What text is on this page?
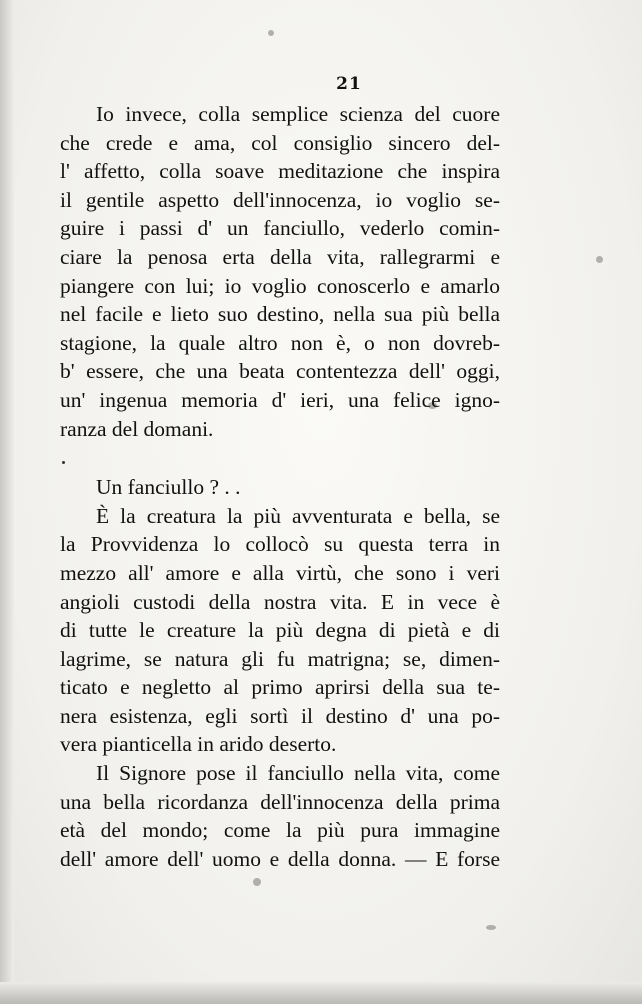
21
Io invece, colla semplice scienza del cuore
che crede e ama, col consiglio sincero del-
l' affetto, colla soave meditazione che inspira
il gentile aspetto dell'innocenza, io voglio se-
guire i passi d' un fanciullo, vederlo comin-
ciare la penosa erta della vita, rallegrarmi e
piangere con lui; io voglio conoscerlo e amarlo
nel facile e lieto suo destino, nella sua più bella
stagione, la quale altro non è, o non dovreb-
b' essere, che una beata contentezza dell' oggi,
un' ingenua memoria d' ieri, una felice igno-
ranza del domani.
Un fanciullo ? . .
È la creatura la più avventurata e bella, se
la Provvidenza lo collocò su questa terra in
mezzo all' amore e alla virtù, che sono i veri
angioli custodi della nostra vita. E in vece è
di tutte le creature la più degna di pietà e di
lagrime, se natura gli fu matrigna; se, dimen-
ticato e negletto al primo aprirsi della sua te-
nera esistenza, egli sortì il destino d' una po-
vera pianticella in arido deserto.
Il Signore pose il fanciullo nella vita, come
una bella ricordanza dell'innocenza della prima
età del mondo; come la più pura immagine
dell' amore dell' uomo e della donna. — E forse
